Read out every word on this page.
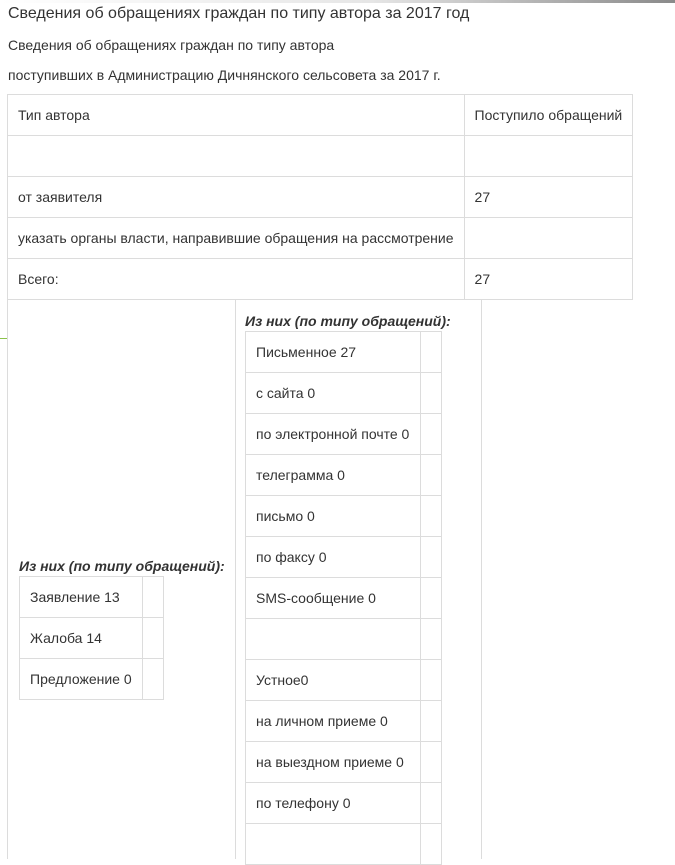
Сведения об обращениях граждан по типу автора за 2017 год

Сведения об обращениях граждан по типу автора

поступивших в Администрацию Дичнянского сельсовета за 2017 г.

Тип автора	Поступило обращений

от заявителя	27
указать органы власти, направившие обращения на рассмотрение	
Всего:	27

Из них (по типу обращений):

Заявление 13	
Жалоба 14	
Предложение 0	

Из них (по типу обращений):

Письменное 27	
с сайта 0	
по электронной почте 0	
телеграмма 0	
письмо 0	
по факсу 0	
SMS-сообщение 0	

Устное0	
на личном приеме 0	
на выездном приеме 0	
по телефону 0	
